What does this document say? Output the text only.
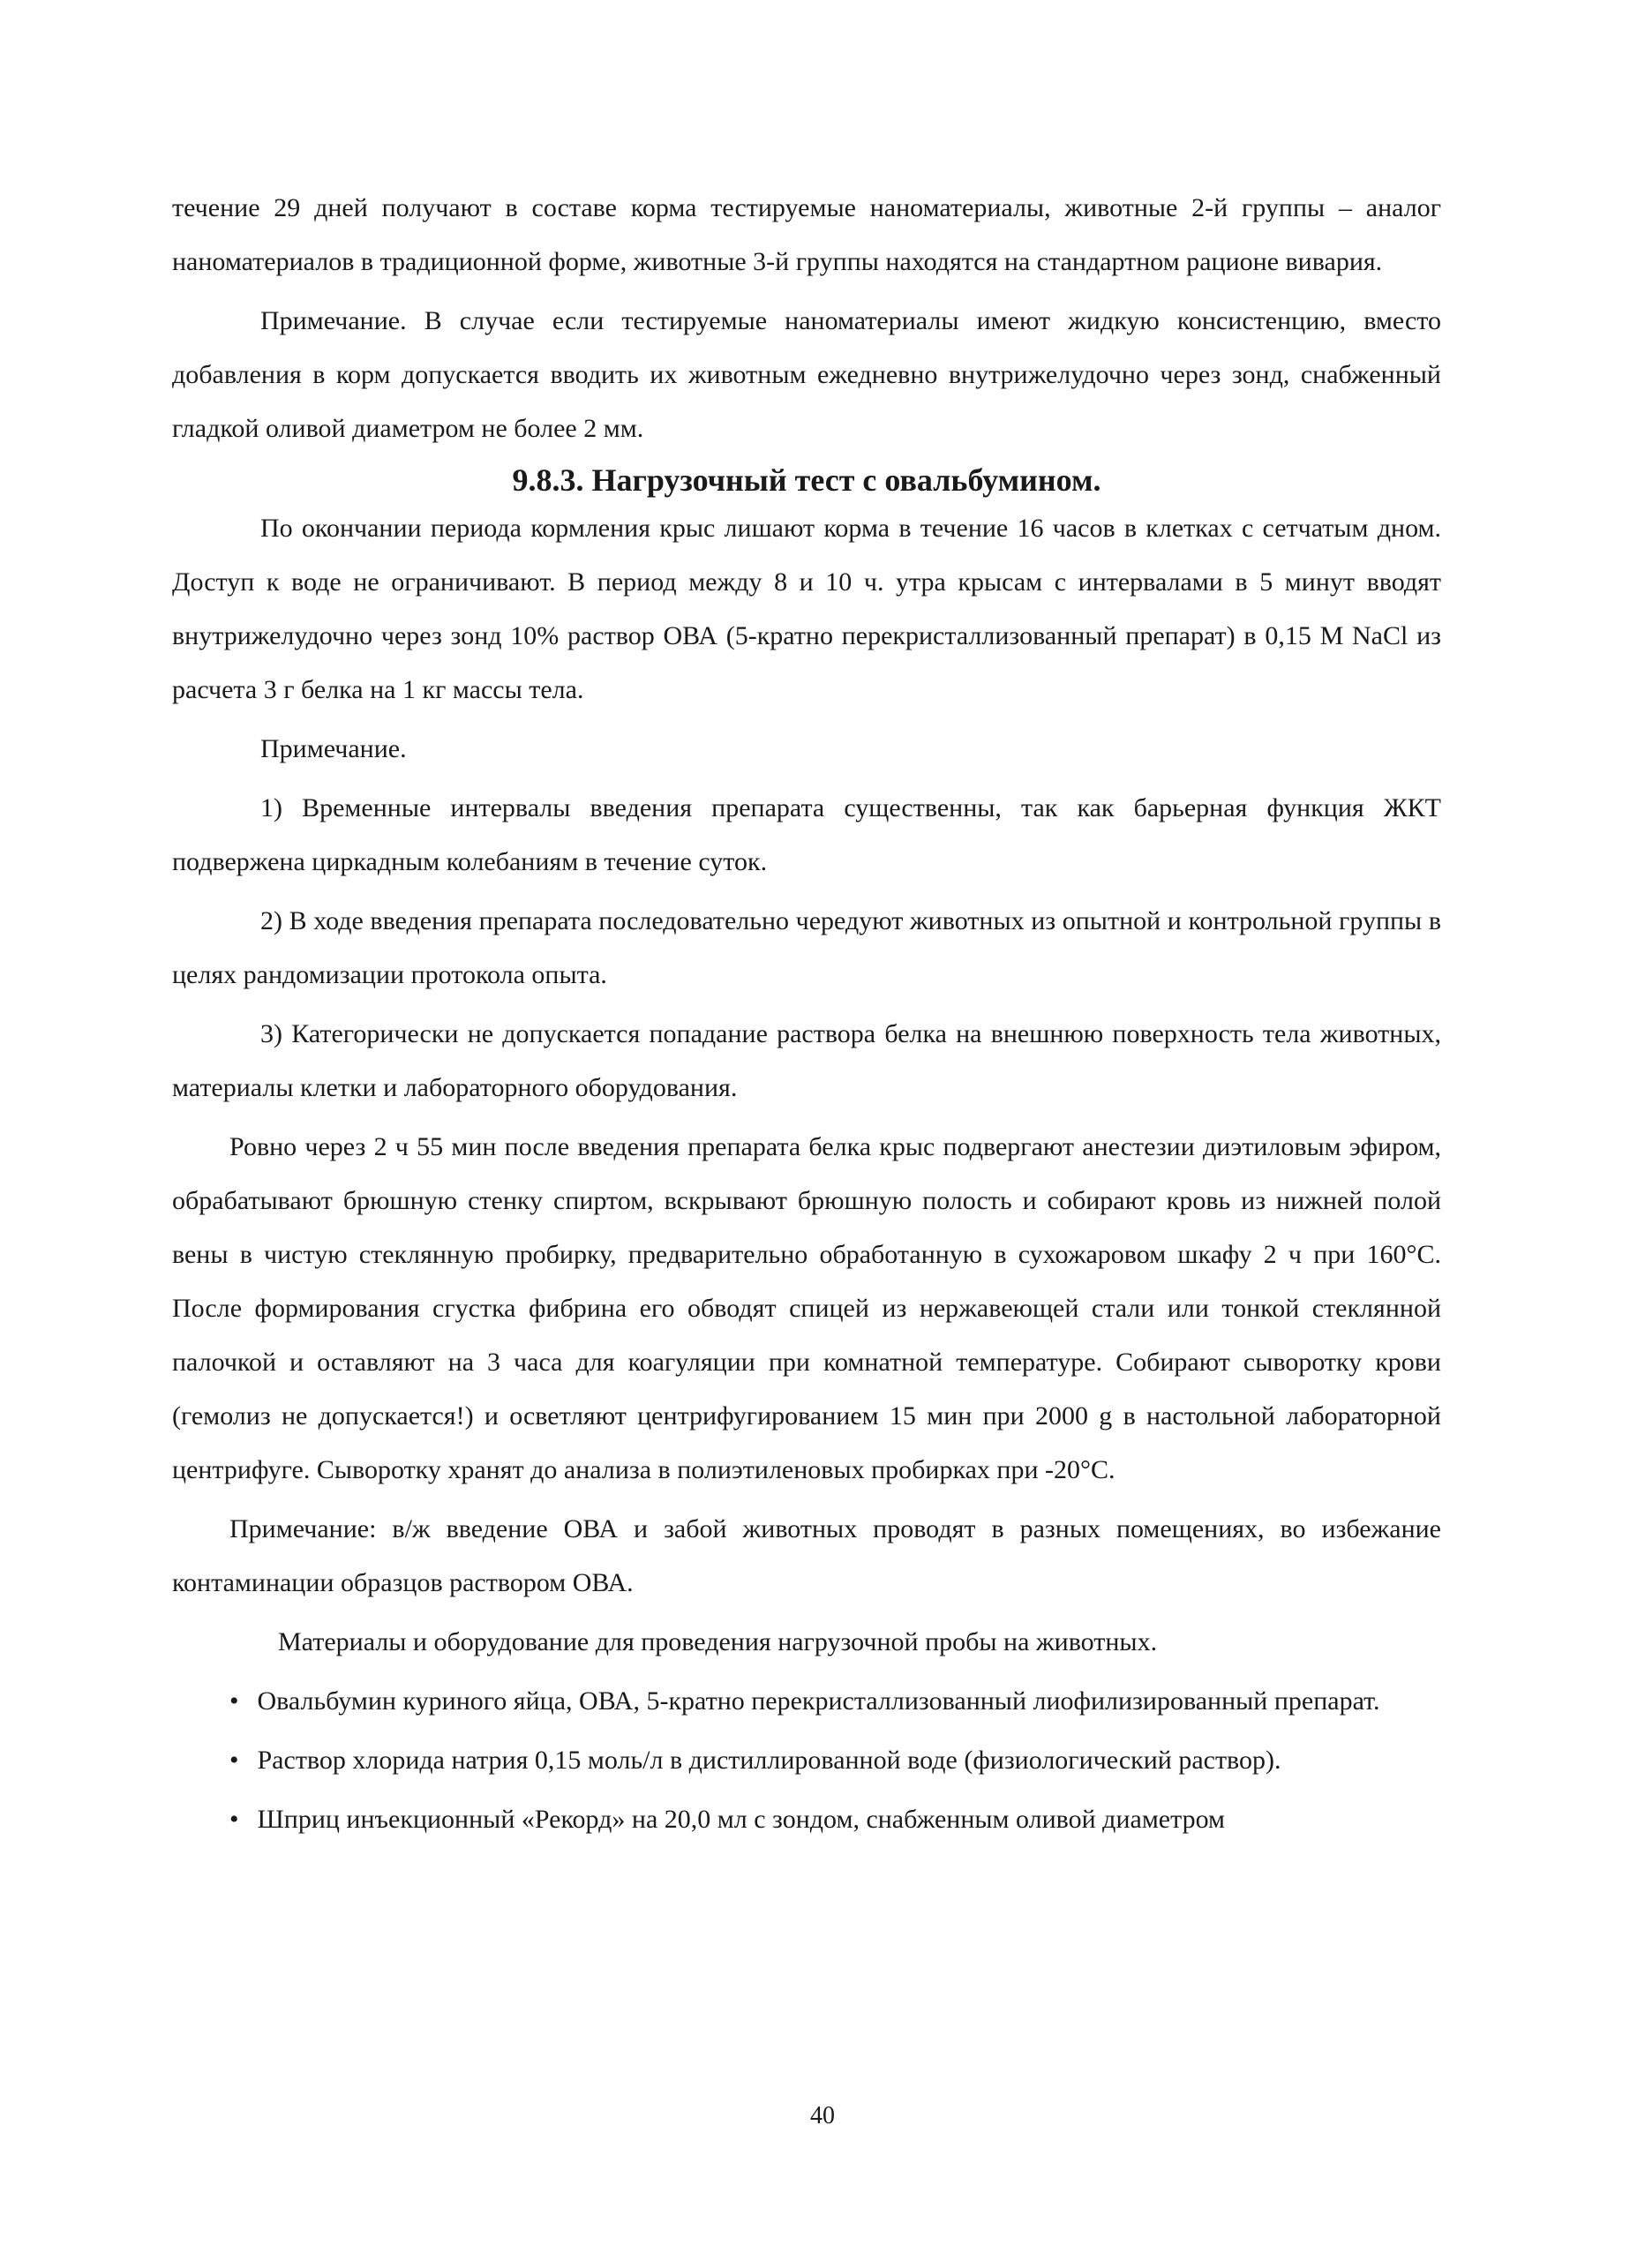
течение 29 дней получают в составе корма тестируемые наноматериалы, животные 2-й группы – аналог наноматериалов в традиционной форме, животные 3-й группы находятся на стандартном рационе вивария.

Примечание. В случае если тестируемые наноматериалы имеют жидкую консистенцию, вместо добавления в корм допускается вводить их животным ежедневно внутрижелудочно через зонд, снабженный гладкой оливой диаметром не более 2 мм.

9.8.3. Нагрузочный тест с овальбумином.

По окончании периода кормления крыс лишают корма в течение 16 часов в клетках с сетчатым дном. Доступ к воде не ограничивают. В период между 8 и 10 ч. утра крысам с интервалами в 5 минут вводят внутрижелудочно через зонд 10% раствор ОВА (5-кратно перекристаллизованный препарат) в 0,15 М NaCl из расчета 3 г белка на 1 кг массы тела.

Примечание.

1) Временные интервалы введения препарата существенны, так как барьерная функция ЖКТ подвержена циркадным колебаниям в течение суток.

2) В ходе введения препарата последовательно чередуют животных из опытной и контрольной группы в целях рандомизации протокола опыта.

3) Категорически не допускается попадание раствора белка на внешнюю поверхность тела животных, материалы клетки и лабораторного оборудования.

Ровно через 2 ч 55 мин после введения препарата белка крыс подвергают анестезии диэтиловым эфиром, обрабатывают брюшную стенку спиртом, вскрывают брюшную полость и собирают кровь из нижней полой вены в чистую стеклянную пробирку, предварительно обработанную в сухожаровом шкафу 2 ч при 160°С. После формирования сгустка фибрина его обводят спицей из нержавеющей стали или тонкой стеклянной палочкой и оставляют на 3 часа для коагуляции при комнатной температуре. Собирают сыворотку крови (гемолиз не допускается!) и осветляют центрифугированием 15 мин при 2000 g в настольной лабораторной центрифуге. Сыворотку хранят до анализа в полиэтиленовых пробирках при -20°С.

Примечание: в/ж введение ОВА и забой животных проводят в разных помещениях, во избежание контаминации образцов раствором ОВА.

Материалы и оборудование для проведения нагрузочной пробы на животных.

• Овальбумин куриного яйца, ОВА, 5-кратно перекристаллизованный лиофилизированный препарат.

• Раствор хлорида натрия 0,15 моль/л в дистиллированной воде (физиологический раствор).

• Шприц инъекционный «Рекорд» на 20,0 мл с зондом, снабженным оливой диаметром

40
